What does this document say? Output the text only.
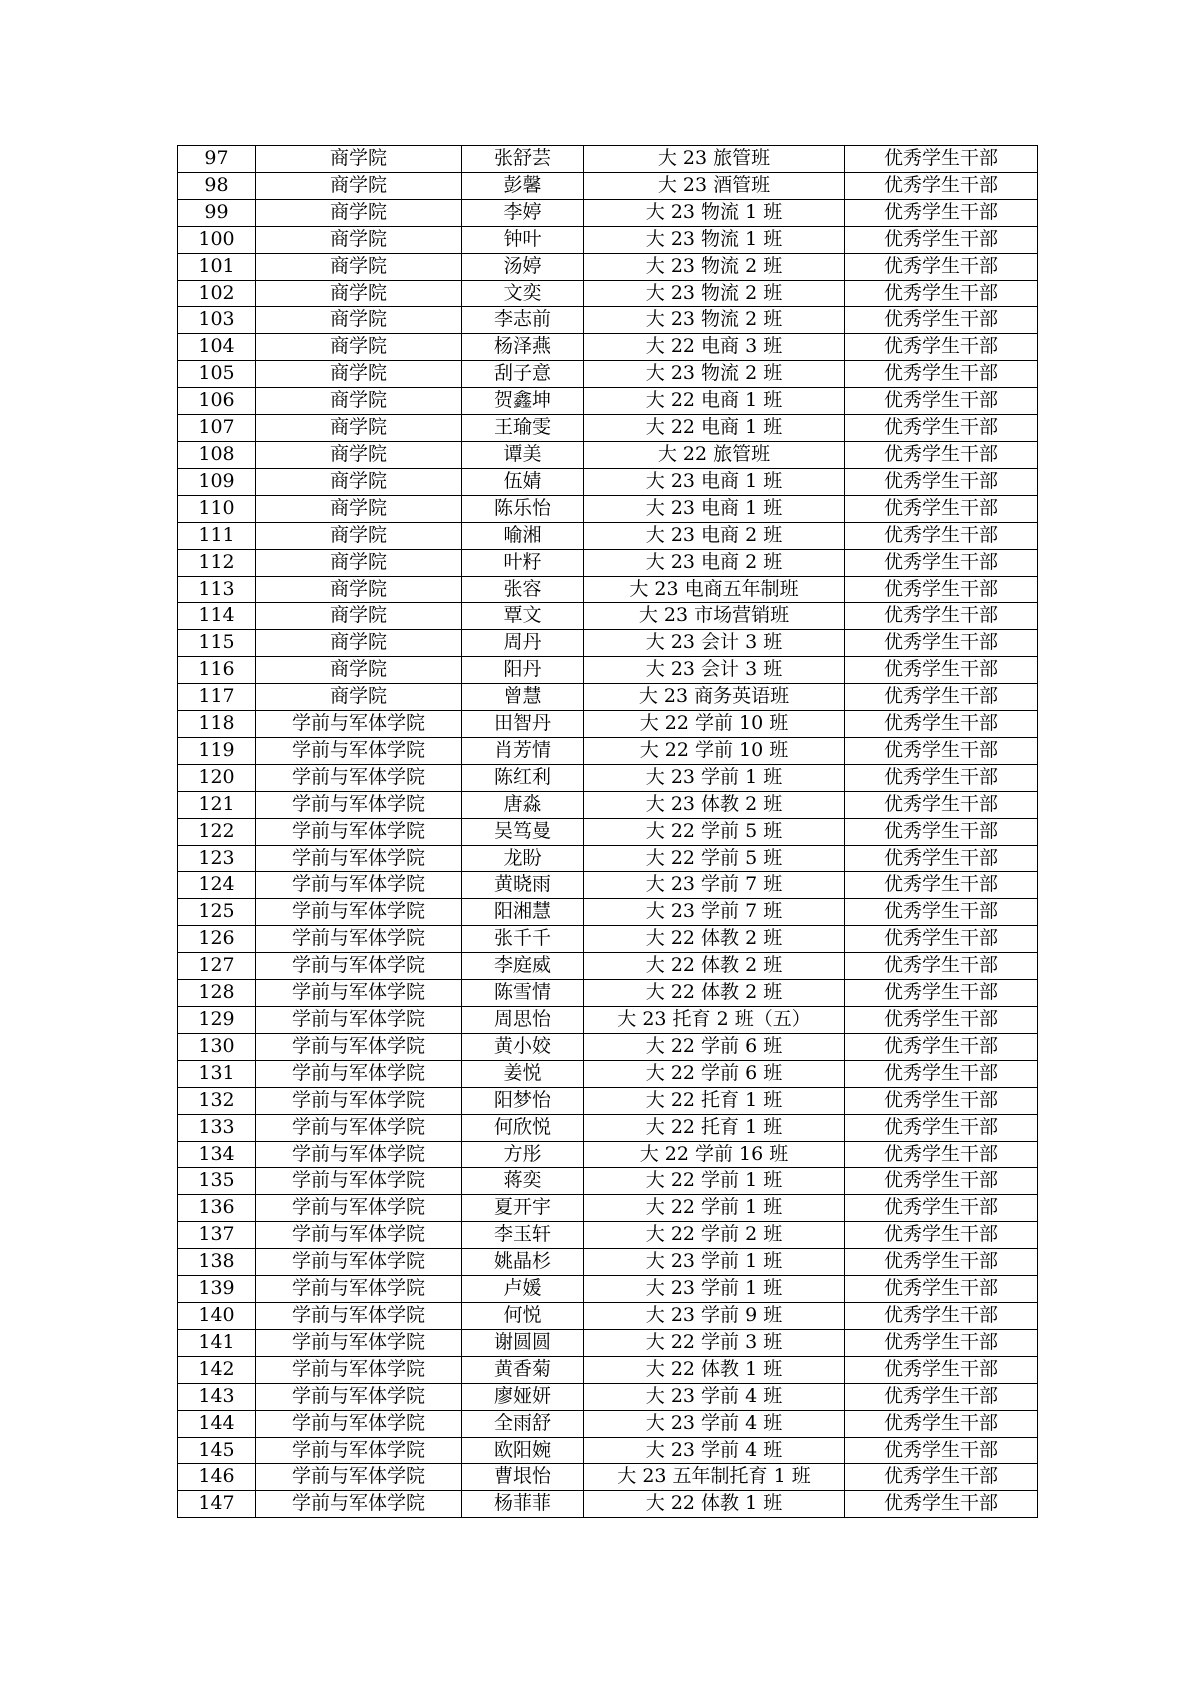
97	商学院	张舒芸	大 23 旅管班	优秀学生干部
98	商学院	彭馨	大 23 酒管班	优秀学生干部
99	商学院	李婷	大 23 物流 1 班	优秀学生干部
100	商学院	钟叶	大 23 物流 1 班	优秀学生干部
101	商学院	汤婷	大 23 物流 2 班	优秀学生干部
102	商学院	文奕	大 23 物流 2 班	优秀学生干部
103	商学院	李志前	大 23 物流 2 班	优秀学生干部
104	商学院	杨泽燕	大 22 电商 3 班	优秀学生干部
105	商学院	刮子意	大 23 物流 2 班	优秀学生干部
106	商学院	贺鑫坤	大 22 电商 1 班	优秀学生干部
107	商学院	王瑜雯	大 22 电商 1 班	优秀学生干部
108	商学院	谭美	大 22 旅管班	优秀学生干部
109	商学院	伍婧	大 23 电商 1 班	优秀学生干部
110	商学院	陈乐怡	大 23 电商 1 班	优秀学生干部
111	商学院	喻湘	大 23 电商 2 班	优秀学生干部
112	商学院	叶籽	大 23 电商 2 班	优秀学生干部
113	商学院	张容	大 23 电商五年制班	优秀学生干部
114	商学院	覃文	大 23 市场营销班	优秀学生干部
115	商学院	周丹	大 23 会计 3 班	优秀学生干部
116	商学院	阳丹	大 23 会计 3 班	优秀学生干部
117	商学院	曾慧	大 23 商务英语班	优秀学生干部
118	学前与军体学院	田智丹	大 22 学前 10 班	优秀学生干部
119	学前与军体学院	肖芳情	大 22 学前 10 班	优秀学生干部
120	学前与军体学院	陈红利	大 23 学前 1 班	优秀学生干部
121	学前与军体学院	唐淼	大 23 体教 2 班	优秀学生干部
122	学前与军体学院	吴笃曼	大 22 学前 5 班	优秀学生干部
123	学前与军体学院	龙盼	大 22 学前 5 班	优秀学生干部
124	学前与军体学院	黄晓雨	大 23 学前 7 班	优秀学生干部
125	学前与军体学院	阳湘慧	大 23 学前 7 班	优秀学生干部
126	学前与军体学院	张千千	大 22 体教 2 班	优秀学生干部
127	学前与军体学院	李庭威	大 22 体教 2 班	优秀学生干部
128	学前与军体学院	陈雪情	大 22 体教 2 班	优秀学生干部
129	学前与军体学院	周思怡	大 23 托育 2 班（五）	优秀学生干部
130	学前与军体学院	黄小姣	大 22 学前 6 班	优秀学生干部
131	学前与军体学院	姜悦	大 22 学前 6 班	优秀学生干部
132	学前与军体学院	阳梦怡	大 22 托育 1 班	优秀学生干部
133	学前与军体学院	何欣悦	大 22 托育 1 班	优秀学生干部
134	学前与军体学院	方彤	大 22 学前 16 班	优秀学生干部
135	学前与军体学院	蒋奕	大 22 学前 1 班	优秀学生干部
136	学前与军体学院	夏开宇	大 22 学前 1 班	优秀学生干部
137	学前与军体学院	李玉轩	大 22 学前 2 班	优秀学生干部
138	学前与军体学院	姚晶杉	大 23 学前 1 班	优秀学生干部
139	学前与军体学院	卢媛	大 23 学前 1 班	优秀学生干部
140	学前与军体学院	何悦	大 23 学前 9 班	优秀学生干部
141	学前与军体学院	谢圆圆	大 22 学前 3 班	优秀学生干部
142	学前与军体学院	黄香菊	大 22 体教 1 班	优秀学生干部
143	学前与军体学院	廖娅妍	大 23 学前 4 班	优秀学生干部
144	学前与军体学院	全雨舒	大 23 学前 4 班	优秀学生干部
145	学前与军体学院	欧阳婉	大 23 学前 4 班	优秀学生干部
146	学前与军体学院	曹垠怡	大 23 五年制托育 1 班	优秀学生干部
147	学前与军体学院	杨菲菲	大 22 体教 1 班	优秀学生干部
